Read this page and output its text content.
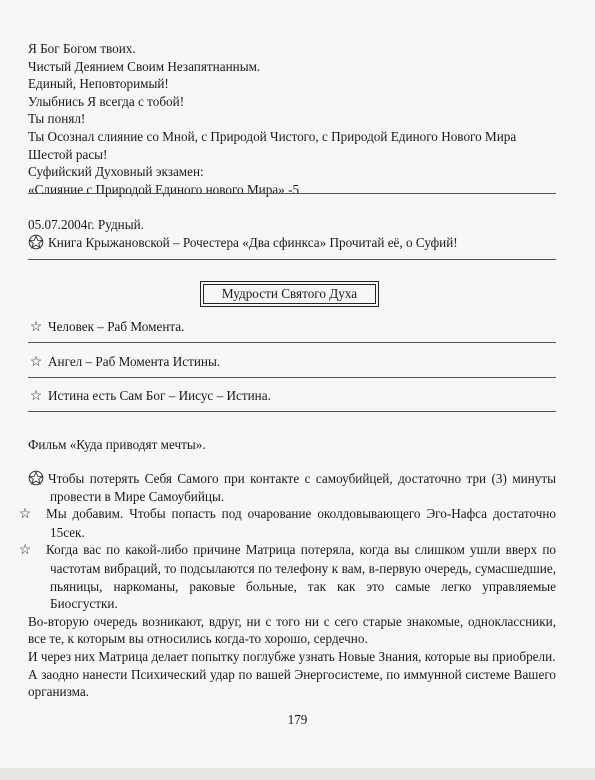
Я Бог Богом твоих.
Чистый Деянием Своим Незапятнанным.
Единый, Неповторимый!
Улыбнись Я всегда с тобой!
Ты понял!
Ты Осознал слияние со Мной, с Природой Чистого, с Природой Единого Нового Мира
Шестой расы!
Суфийский Духовный экзамен:
«Слияние с Природой Единого нового Мира» -5
05.07.2004г. Рудный.
Книга Крыжановской – Рочестера «Два сфинкса» Прочитай её, о Суфий!
Мудрости Святого Духа
☆ Человек – Раб Момента.
☆ Ангел – Раб Момента Истины.
☆ Истина есть Сам Бог – Иисус – Истина.
Фильм «Куда приводят мечты».
Чтобы потерять Себя Самого при контакте с самоубийцей, достаточно три (3) минуты провести в Мире Самоубийцы.
☆ Мы добавим. Чтобы попасть под очарование околдовывающего Эго-Нафса достаточно 15сек.
☆ Когда вас по какой-либо причине Матрица потеряла, когда вы слишком ушли вверх по частотам вибраций, то подсылаются по телефону к вам, в-первую очередь, сумасшедшие, пьяницы, наркоманы, раковые больные, так как это самые легко управляемые Биосгустки.
Во-вторую очередь возникают, вдруг, ни с того ни с сего старые знакомые, одноклассники, все те, к которым вы относились когда-то хорошо, сердечно.
И через них Матрица делает попытку поглубже узнать Новые Знания, которые вы приобрели.
А заодно нанести Психический удар по вашей Энергосистеме, по иммунной системе Вашего организма.
179
